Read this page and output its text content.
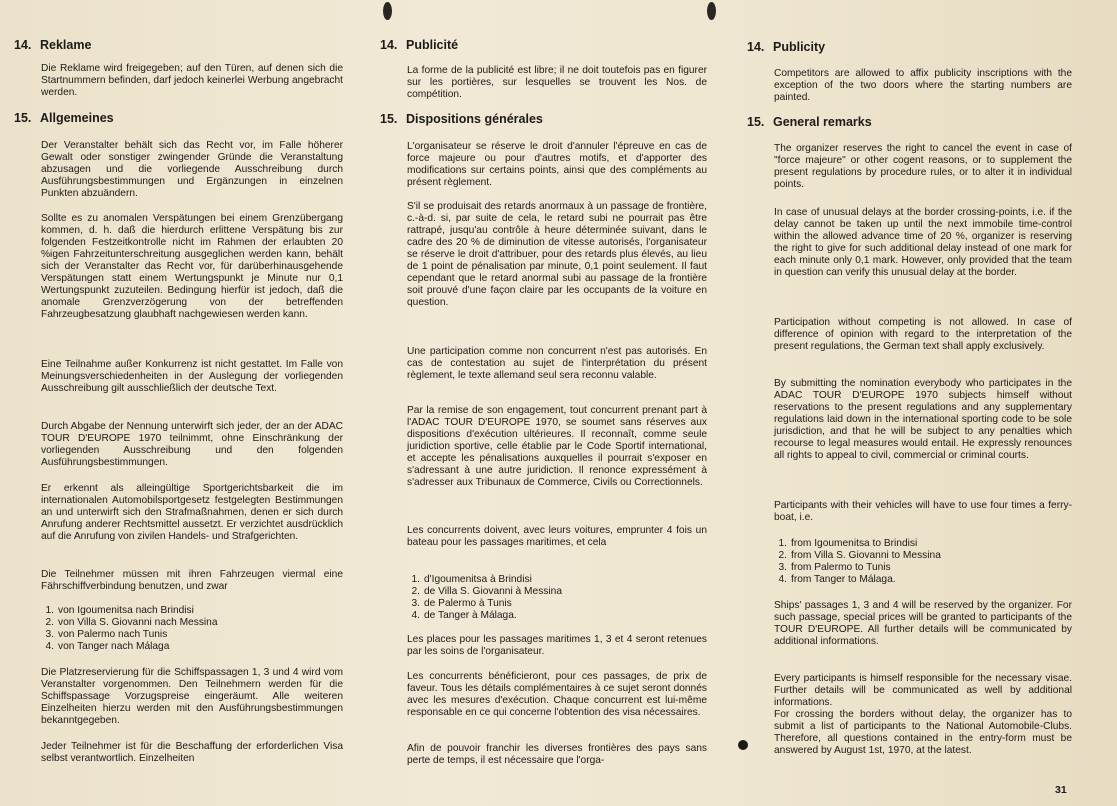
14. Reklame

Die Reklame wird freigegeben; auf den Türen, auf denen sich die Startnummern befinden, darf jedoch keinerlei Werbung angebracht werden.

15. Allgemeines

Der Veranstalter behält sich das Recht vor, im Falle höherer Gewalt oder sonstiger zwingender Gründe die Veranstaltung abzusagen und die vorliegende Ausschreibung durch Ausführungsbestimmungen und Ergänzungen in einzelnen Punkten abzuändern.

Sollte es zu anomalen Verspätungen bei einem Grenzübergang kommen, d. h. daß die hierdurch erlittene Verspätung bis zur folgenden Festzeitkontrolle nicht im Rahmen der erlaubten 20 %igen Fahrzeitunterschreitung ausgeglichen werden kann, behält sich der Veranstalter das Recht vor, für darüberhinausgehende Verspätungen statt einem Wertungspunkt je Minute nur 0,1 Wertungspunkt zuzuteilen. Bedingung hierfür ist jedoch, daß die anomale Grenzverzögerung von der betreffenden Fahrzeugbesatzung glaubhaft nachgewiesen werden kann.

Eine Teilnahme außer Konkurrenz ist nicht gestattet. Im Falle von Meinungsverschiedenheiten in der Auslegung der vorliegenden Ausschreibung gilt ausschließlich der deutsche Text.

Durch Abgabe der Nennung unterwirft sich jeder, der an der ADAC TOUR D'EUROPE 1970 teilnimmt, ohne Einschränkung der vorliegenden Ausschreibung und den folgenden Ausführungsbestimmungen.

Er erkennt als alleingültige Sportgerichtsbarkeit die im internationalen Automobilsportgesetz festgelegten Bestimmungen an und unterwirft sich den Strafmaßnahmen, denen er sich durch Anrufung anderer Rechtsmittel aussetzt. Er verzichtet ausdrücklich auf die Anrufung von zivilen Handels- und Strafgerichten.

Die Teilnehmer müssen mit ihren Fahrzeugen viermal eine Fährschiffverbindung benutzen, und zwar

1. von Igoumenitsa nach Brindisi
2. von Villa S. Giovanni nach Messina
3. von Palermo nach Tunis
4. von Tanger nach Málaga

Die Platzreservierung für die Schiffspassagen 1, 3 und 4 wird vom Veranstalter vorgenommen. Den Teilnehmern werden für die Schiffspassage Vorzugspreise eingeräumt. Alle weiteren Einzelheiten hierzu werden mit den Ausführungsbestimmungen bekanntgegeben.

Jeder Teilnehmer ist für die Beschaffung der erforderlichen Visa selbst verantwortlich. Einzelheiten

14. Publicité

La forme de la publicité est libre; il ne doit toutefois pas en figurer sur les portières, sur lesquelles se trouvent les Nos. de compétition.

15. Dispositions générales

L'organisateur se réserve le droit d'annuler l'épreuve en cas de force majeure ou pour d'autres motifs, et d'apporter des modifications sur certains points, ainsi que des compléments au présent règlement.

S'il se produisait des retards anormaux à un passage de frontière, c.-à-d. si, par suite de cela, le retard subi ne pourrait pas être rattrapé, jusqu'au contrôle à heure déterminée suivant, dans le cadre des 20 % de diminution de vitesse autorisés, l'organisateur se réserve le droit d'attribuer, pour des retards plus élevés, au lieu de 1 point de pénalisation par minute, 0,1 point seulement. Il faut cependant que le retard anormal subi au passage de la frontière soit prouvé d'une façon claire par les occupants de la voiture en question.

Une participation comme non concurrent n'est pas autorisés. En cas de contestation au sujet de l'interprétation du présent règlement, le texte allemand seul sera reconnu valable.

Par la remise de son engagement, tout concurrent prenant part à l'ADAC TOUR D'EUROPE 1970, se soumet sans réserves aux dispositions d'exécution ultérieures. Il reconnaît, comme seule juridiction sportive, celle établie par le Code Sportif international, et accepte les pénalisations auxquelles il pourrait s'exposer en s'adressant à une autre juridiction. Il renonce expressément à s'adresser aux Tribunaux de Commerce, Civils ou Correctionnels.

Les concurrents doivent, avec leurs voitures, emprunter 4 fois un bateau pour les passages maritimes, et cela

1. d'Igoumenitsa à Brindisi
2. de Villa S. Giovanni à Messina
3. de Palermo à Tunis
4. de Tanger à Málaga.

Les places pour les passages maritimes 1, 3 et 4 seront retenues par les soins de l'organisateur.

Les concurrents bénéficieront, pour ces passages, de prix de faveur. Tous les détails complémentaires à ce sujet seront donnés avec les mesures d'exécution. Chaque concurrent est lui-même responsable en ce qui concerne l'obtention des visa nécessaires.

Afin de pouvoir franchir les diverses frontières des pays sans perte de temps, il est nécessaire que l'orga-

14. Publicity

Competitors are allowed to affix publicity inscriptions with the exception of the two doors where the starting numbers are painted.

15. General remarks

The organizer reserves the right to cancel the event in case of "force majeure" or other cogent reasons, or to supplement the present regulations by procedure rules, or to alter it in individual points.

In case of unusual delays at the border crossing-points, i.e. if the delay cannot be taken up until the next immobile time-control within the allowed advance time of 20 %, organizer is reserving the right to give for such additional delay instead of one mark for each minute only 0,1 mark. However, only provided that the team in question can verify this unusual delay at the border.

Participation without competing is not allowed. In case of difference of opinion with regard to the interpretation of the present regulations, the German text shall apply exclusively.

By submitting the nomination everybody who participates in the ADAC TOUR D'EUROPE 1970 subjects himself without reservations to the present regulations and any supplementary regulations laid down in the international sporting code to be sole jurisdiction, and that he will be subject to any penalties which recourse to legal measures would entail. He expressly renounces all rights to appeal to civil, commercial or criminal courts.

Participants with their vehicles will have to use four times a ferry-boat, i.e.

1. from Igoumenitsa to Brindisi
2. from Villa S. Giovanni to Messina
3. from Palermo to Tunis
4. from Tanger to Málaga.

Ships' passages 1, 3 and 4 will be reserved by the organizer. For such passage, special prices will be granted to participants of the TOUR D'EUROPE. All further details will be communicated by additional informations.

Every participants is himself responsible for the necessary visae. Further details will be communicated as well by additional informations.

For crossing the borders without delay, the organizer has to submit a list of participants to the National Automobile-Clubs. Therefore, all questions contained in the entry-form must be answered by August 1st, 1970, at the latest.

31
